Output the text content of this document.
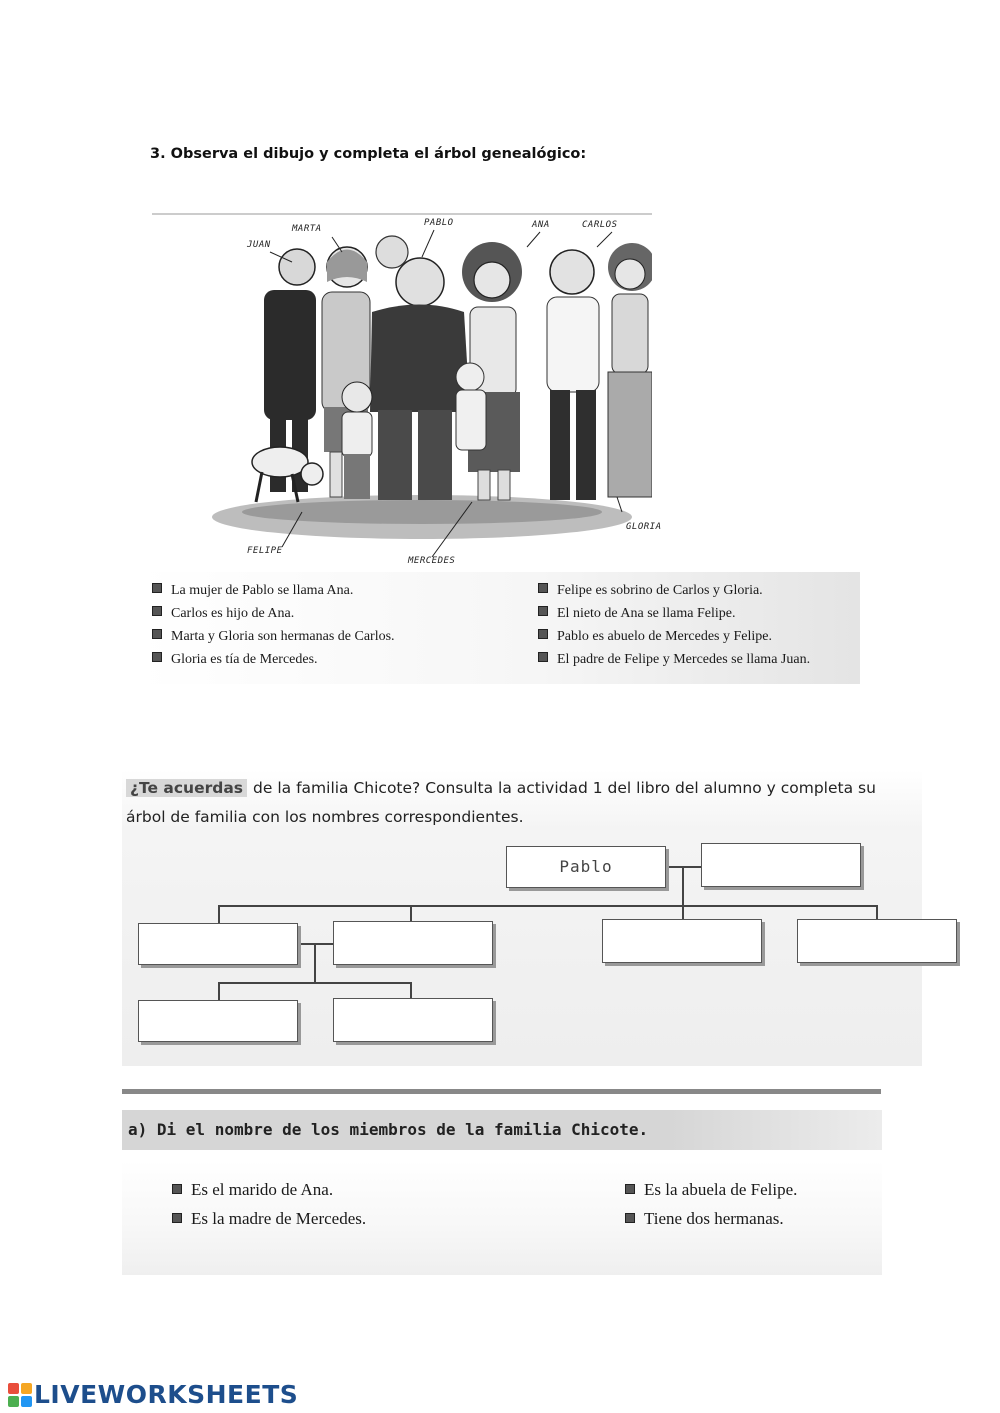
3. Observa el dibujo y completa el árbol genealógico:
JUAN
MARTA
PABLO	ANA	CARLOS
GLORIA
FELIPE
MERCEDES
La mujer de Pablo se llama Ana.
Carlos es hijo de Ana.
Marta y Gloria son hermanas de Carlos.
Gloria es tía de Mercedes.
Felipe es sobrino de Carlos y Gloria.
El nieto de Ana se llama Felipe.
Pablo es abuelo de Mercedes y Felipe.
El padre de Felipe y Mercedes se llama Juan.
¿Te acuerdas de la familia Chicote? Consulta la actividad 1 del libro del alumno y completa su
árbol de familia con los nombres correspondientes.
Pablo
a) Di el nombre de los miembros de la familia Chicote.
Es el marido de Ana.
Es la madre de Mercedes.
Es la abuela de Felipe.
Tiene dos hermanas.
LIVEWORKSHEETS
